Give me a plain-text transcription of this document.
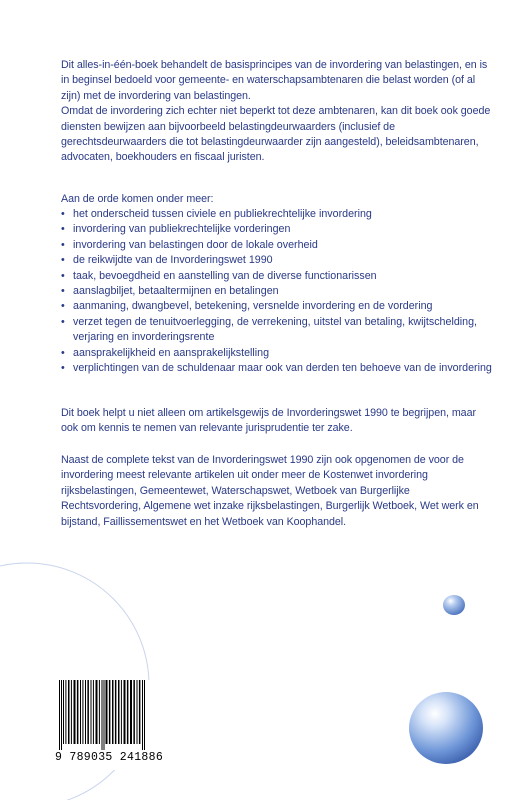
Dit alles-in-één-boek behandelt de basisprincipes van de invordering van belastingen, en is in beginsel bedoeld voor gemeente- en waterschapsambtenaren die belast worden (of al zijn) met de invordering van belastingen.

Omdat de invordering zich echter niet beperkt tot deze ambtenaren, kan dit boek ook goede diensten bewijzen aan bijvoorbeeld belastingdeurwaarders (inclusief de gerechtsdeurwaarders die tot belastingdeurwaarder zijn aangesteld), beleidsambtenaren, advocaten, boekhouders en fiscaal juristen.

Aan de orde komen onder meer:

• het onderscheid tussen civiele en publiekrechtelijke invordering
• invordering van publiekrechtelijke vorderingen
• invordering van belastingen door de lokale overheid
• de reikwijdte van de Invorderingswet 1990
• taak, bevoegdheid en aanstelling van de diverse functionarissen
• aanslagbiljet, betaaltermijnen en betalingen
• aanmaning, dwangbevel, betekening, versnelde invordering en de vordering
• verzet tegen de tenuitvoerlegging, de verrekening, uitstel van betaling, kwijtschelding, verjaring en invorderingsrente
• aansprakelijkheid en aansprakelijkstelling
• verplichtingen van de schuldenaar maar ook van derden ten behoeve van de invordering

Dit boek helpt u niet alleen om artikelsgewijs de Invorderingswet 1990 te begrijpen, maar ook om kennis te nemen van relevante jurisprudentie ter zake.

Naast de complete tekst van de Invorderingswet 1990 zijn ook opgenomen de voor de invordering meest relevante artikelen uit onder meer de Kostenwet invordering rijksbelastingen, Gemeentewet, Waterschapswet, Wetboek van Burgerlijke Rechtsvordering, Algemene wet inzake rijksbelastingen, Burgerlijk Wetboek, Wet werk en bijstand, Faillissementswet en het Wetboek van Koophandel.

9 789035 241886
